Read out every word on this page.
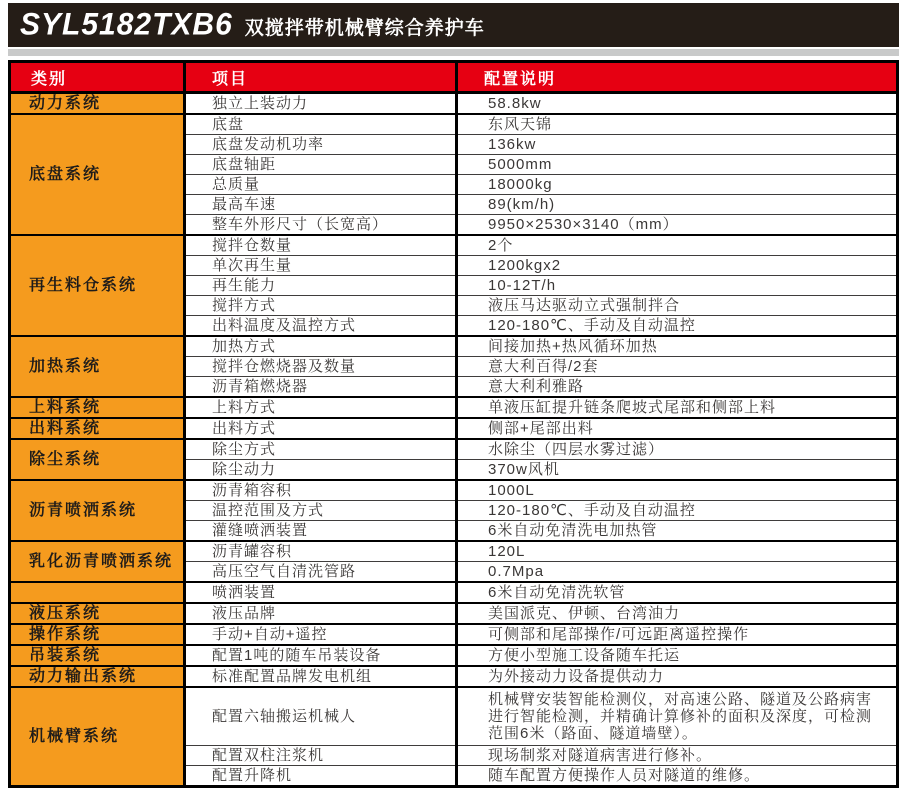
SYL5182TXB6 双搅拌带机械臂综合养护车
类别	项目	配置说明
动力系统	独立上装动力	58.8kw
底盘系统	底盘	东风天锦
	底盘发动机功率	136kw
	底盘轴距	5000mm
	总质量	18000kg
	最高车速	89(km/h)
	整车外形尺寸（长宽高）	9950×2530×3140（mm）
再生料仓系统	搅拌仓数量	2个
	单次再生量	1200kgx2
	再生能力	10-12T/h
	搅拌方式	液压马达驱动立式强制拌合
	出料温度及温控方式	120-180℃、手动及自动温控
加热系统	加热方式	间接加热+热风循环加热
	搅拌仓燃烧器及数量	意大利百得/2套
	沥青箱燃烧器	意大利利雅路
上料系统	上料方式	单液压缸提升链条爬坡式尾部和侧部上料
出料系统	出料方式	侧部+尾部出料
除尘系统	除尘方式	水除尘（四层水雾过滤）
	除尘动力	370w风机
沥青喷洒系统	沥青箱容积	1000L
	温控范围及方式	120-180℃、手动及自动温控
	灌缝喷洒装置	6米自动免清洗电加热管
乳化沥青喷洒系统	沥青罐容积	120L
	高压空气自清洗管路	0.7Mpa
	喷洒装置	6米自动免清洗软管
液压系统	液压品牌	美国派克、伊顿、台湾油力
操作系统	手动+自动+遥控	可侧部和尾部操作/可远距离遥控操作
吊装系统	配置1吨的随车吊装设备	方便小型施工设备随车托运
动力输出系统	标准配置品牌发电机组	为外接动力设备提供动力
机械臂系统	配置六轴搬运机械人	机械臂安装智能检测仪，对高速公路、隧道及公路病害进行智能检测，并精确计算修补的面积及深度，可检测范围6米（路面、隧道墙壁）。
	配置双柱注浆机	现场制浆对隧道病害进行修补。
	配置升降机	随车配置方便操作人员对隧道的维修。
